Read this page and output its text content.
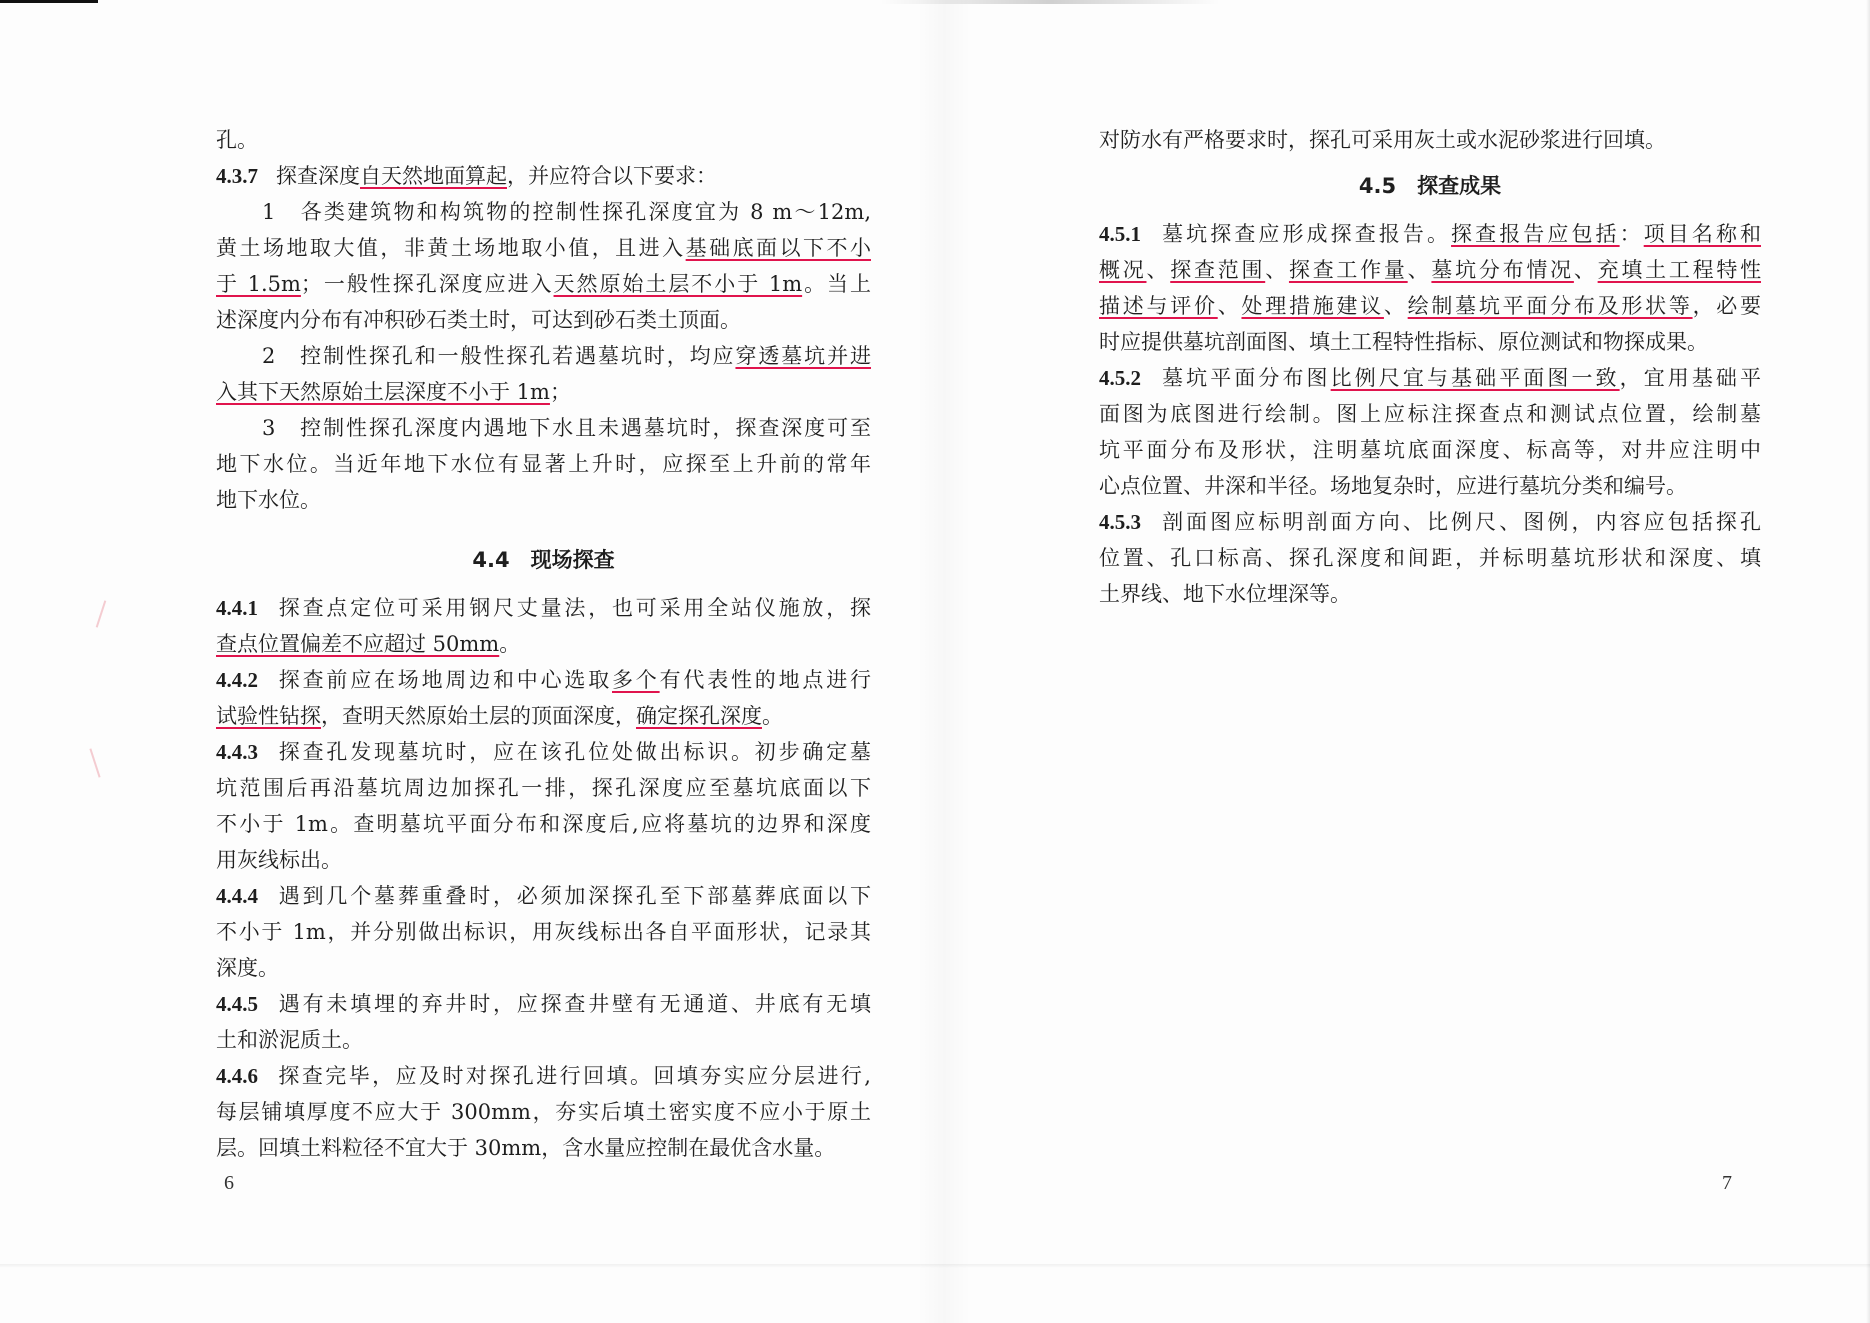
孔。
4.3.7 探查深度自天然地面算起，并应符合以下要求：
1　各类建筑物和构筑物的控制性探孔深度宜为 8 m～12m,
黄土场地取大值，非黄土场地取小值，且进入基础底面以下不小
于 1.5m；一般性探孔深度应进入天然原始土层不小于 1m。当上
述深度内分布有冲积砂石类土时，可达到砂石类土顶面。
2　控制性探孔和一般性探孔若遇墓坑时，均应穿透墓坑并进
入其下天然原始土层深度不小于 1m；
3　控制性探孔深度内遇地下水且未遇墓坑时，探查深度可至
地下水位。当近年地下水位有显著上升时，应探至上升前的常年
地下水位。
4.4　现场探查
4.4.1 探查点定位可采用钢尺丈量法，也可采用全站仪施放，探
查点位置偏差不应超过 50mm。
4.4.2 探查前应在场地周边和中心选取多个有代表性的地点进行
试验性钻探，查明天然原始土层的顶面深度，确定探孔深度。
4.4.3 探查孔发现墓坑时，应在该孔位处做出标识。初步确定墓
坑范围后再沿墓坑周边加探孔一排，探孔深度应至墓坑底面以下
不小于 1m。查明墓坑平面分布和深度后,应将墓坑的边界和深度
用灰线标出。
4.4.4 遇到几个墓葬重叠时，必须加深探孔至下部墓葬底面以下
不小于 1m，并分别做出标识，用灰线标出各自平面形状，记录其
深度。
4.4.5 遇有未填埋的弃井时，应探查井壁有无通道、井底有无填
土和淤泥质土。
4.4.6 探查完毕，应及时对探孔进行回填。回填夯实应分层进行,
每层铺填厚度不应大于 300mm，夯实后填土密实度不应小于原土
层。回填土料粒径不宜大于 30mm，含水量应控制在最优含水量。
对防水有严格要求时，探孔可采用灰土或水泥砂浆进行回填。
4.5　探查成果
4.5.1 墓坑探查应形成探查报告。探查报告应包括：项目名称和
概况、探查范围、探查工作量、墓坑分布情况、充填土工程特性
描述与评价、处理措施建议、绘制墓坑平面分布及形状等，必要
时应提供墓坑剖面图、填土工程特性指标、原位测试和物探成果。
4.5.2 墓坑平面分布图比例尺宜与基础平面图一致，宜用基础平
面图为底图进行绘制。图上应标注探查点和测试点位置，绘制墓
坑平面分布及形状，注明墓坑底面深度、标高等，对井应注明中
心点位置、井深和半径。场地复杂时，应进行墓坑分类和编号。
4.5.3 剖面图应标明剖面方向、比例尺、图例，内容应包括探孔
位置、孔口标高、探孔深度和间距，并标明墓坑形状和深度、填
土界线、地下水位埋深等。
6	7
